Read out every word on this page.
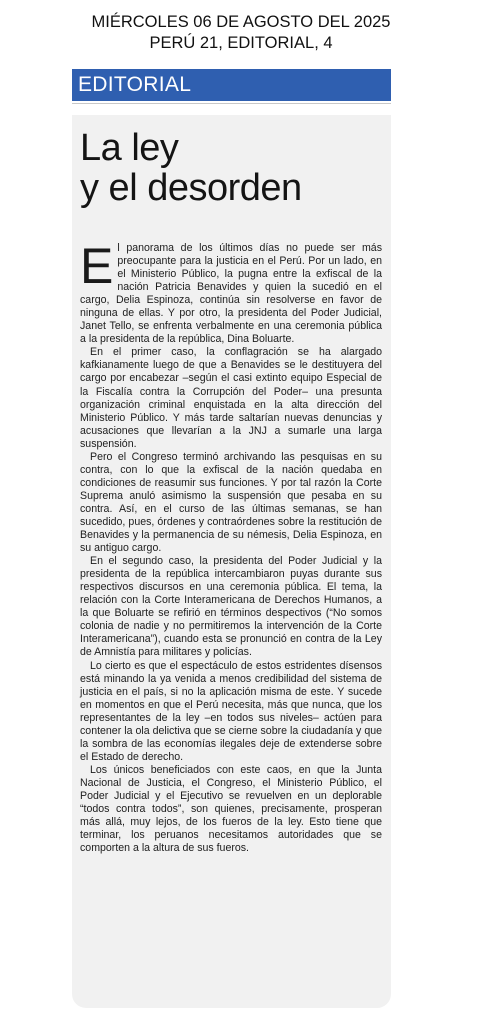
MIÉRCOLES 06 DE AGOSTO DEL 2025
PERÚ 21, EDITORIAL, 4
EDITORIAL
La ley
y el desorden

El panorama de los últimos días no puede ser más preocupante para la justicia en el Perú. Por un lado, en el Ministerio Público, la pugna entre la exfiscal de la nación Patricia Benavides y quien la sucedió en el cargo, Delia Espinoza, continúa sin resolverse en favor de ninguna de ellas. Y por otro, la presidenta del Poder Judicial, Janet Tello, se enfrenta verbalmente en una ceremonia pública a la presidenta de la república, Dina Boluarte.

En el primer caso, la conflagración se ha alargado kafkianamente luego de que a Benavides se le destituyera del cargo por encabezar –según el casi extinto equipo Especial de la Fiscalía contra la Corrupción del Poder– una presunta organización criminal enquistada en la alta dirección del Ministerio Público. Y más tarde saltarían nuevas denuncias y acusaciones que llevarían a la JNJ a sumarle una larga suspensión.

Pero el Congreso terminó archivando las pesquisas en su contra, con lo que la exfiscal de la nación quedaba en condiciones de reasumir sus funciones. Y por tal razón la Corte Suprema anuló asimismo la suspensión que pesaba en su contra. Así, en el curso de las últimas semanas, se han sucedido, pues, órdenes y contraórdenes sobre la restitución de Benavides y la permanencia de su némesis, Delia Espinoza, en su antiguo cargo.

En el segundo caso, la presidenta del Poder Judicial y la presidenta de la república intercambiaron puyas durante sus respectivos discursos en una ceremonia pública. El tema, la relación con la Corte Interamericana de Derechos Humanos, a la que Boluarte se refirió en términos despectivos (“No somos colonia de nadie y no permitiremos la intervención de la Corte Interamericana”), cuando esta se pronunció en contra de la Ley de Amnistía para militares y policías.

Lo cierto es que el espectáculo de estos estridentes dísensos está minando la ya venida a menos credibilidad del sistema de justicia en el país, si no la aplicación misma de este. Y sucede en momentos en que el Perú necesita, más que nunca, que los representantes de la ley –en todos sus niveles– actúen para contener la ola delictiva que se cierne sobre la ciudadanía y que la sombra de las economías ilegales deje de extenderse sobre el Estado de derecho.

Los únicos beneficiados con este caos, en que la Junta Nacional de Justicia, el Congreso, el Ministerio Público, el Poder Judicial y el Ejecutivo se revuelven en un deplorable “todos contra todos”, son quienes, precisamente, prosperan más allá, muy lejos, de los fueros de la ley. Esto tiene que terminar, los peruanos necesitamos autoridades que se comporten a la altura de sus fueros.
